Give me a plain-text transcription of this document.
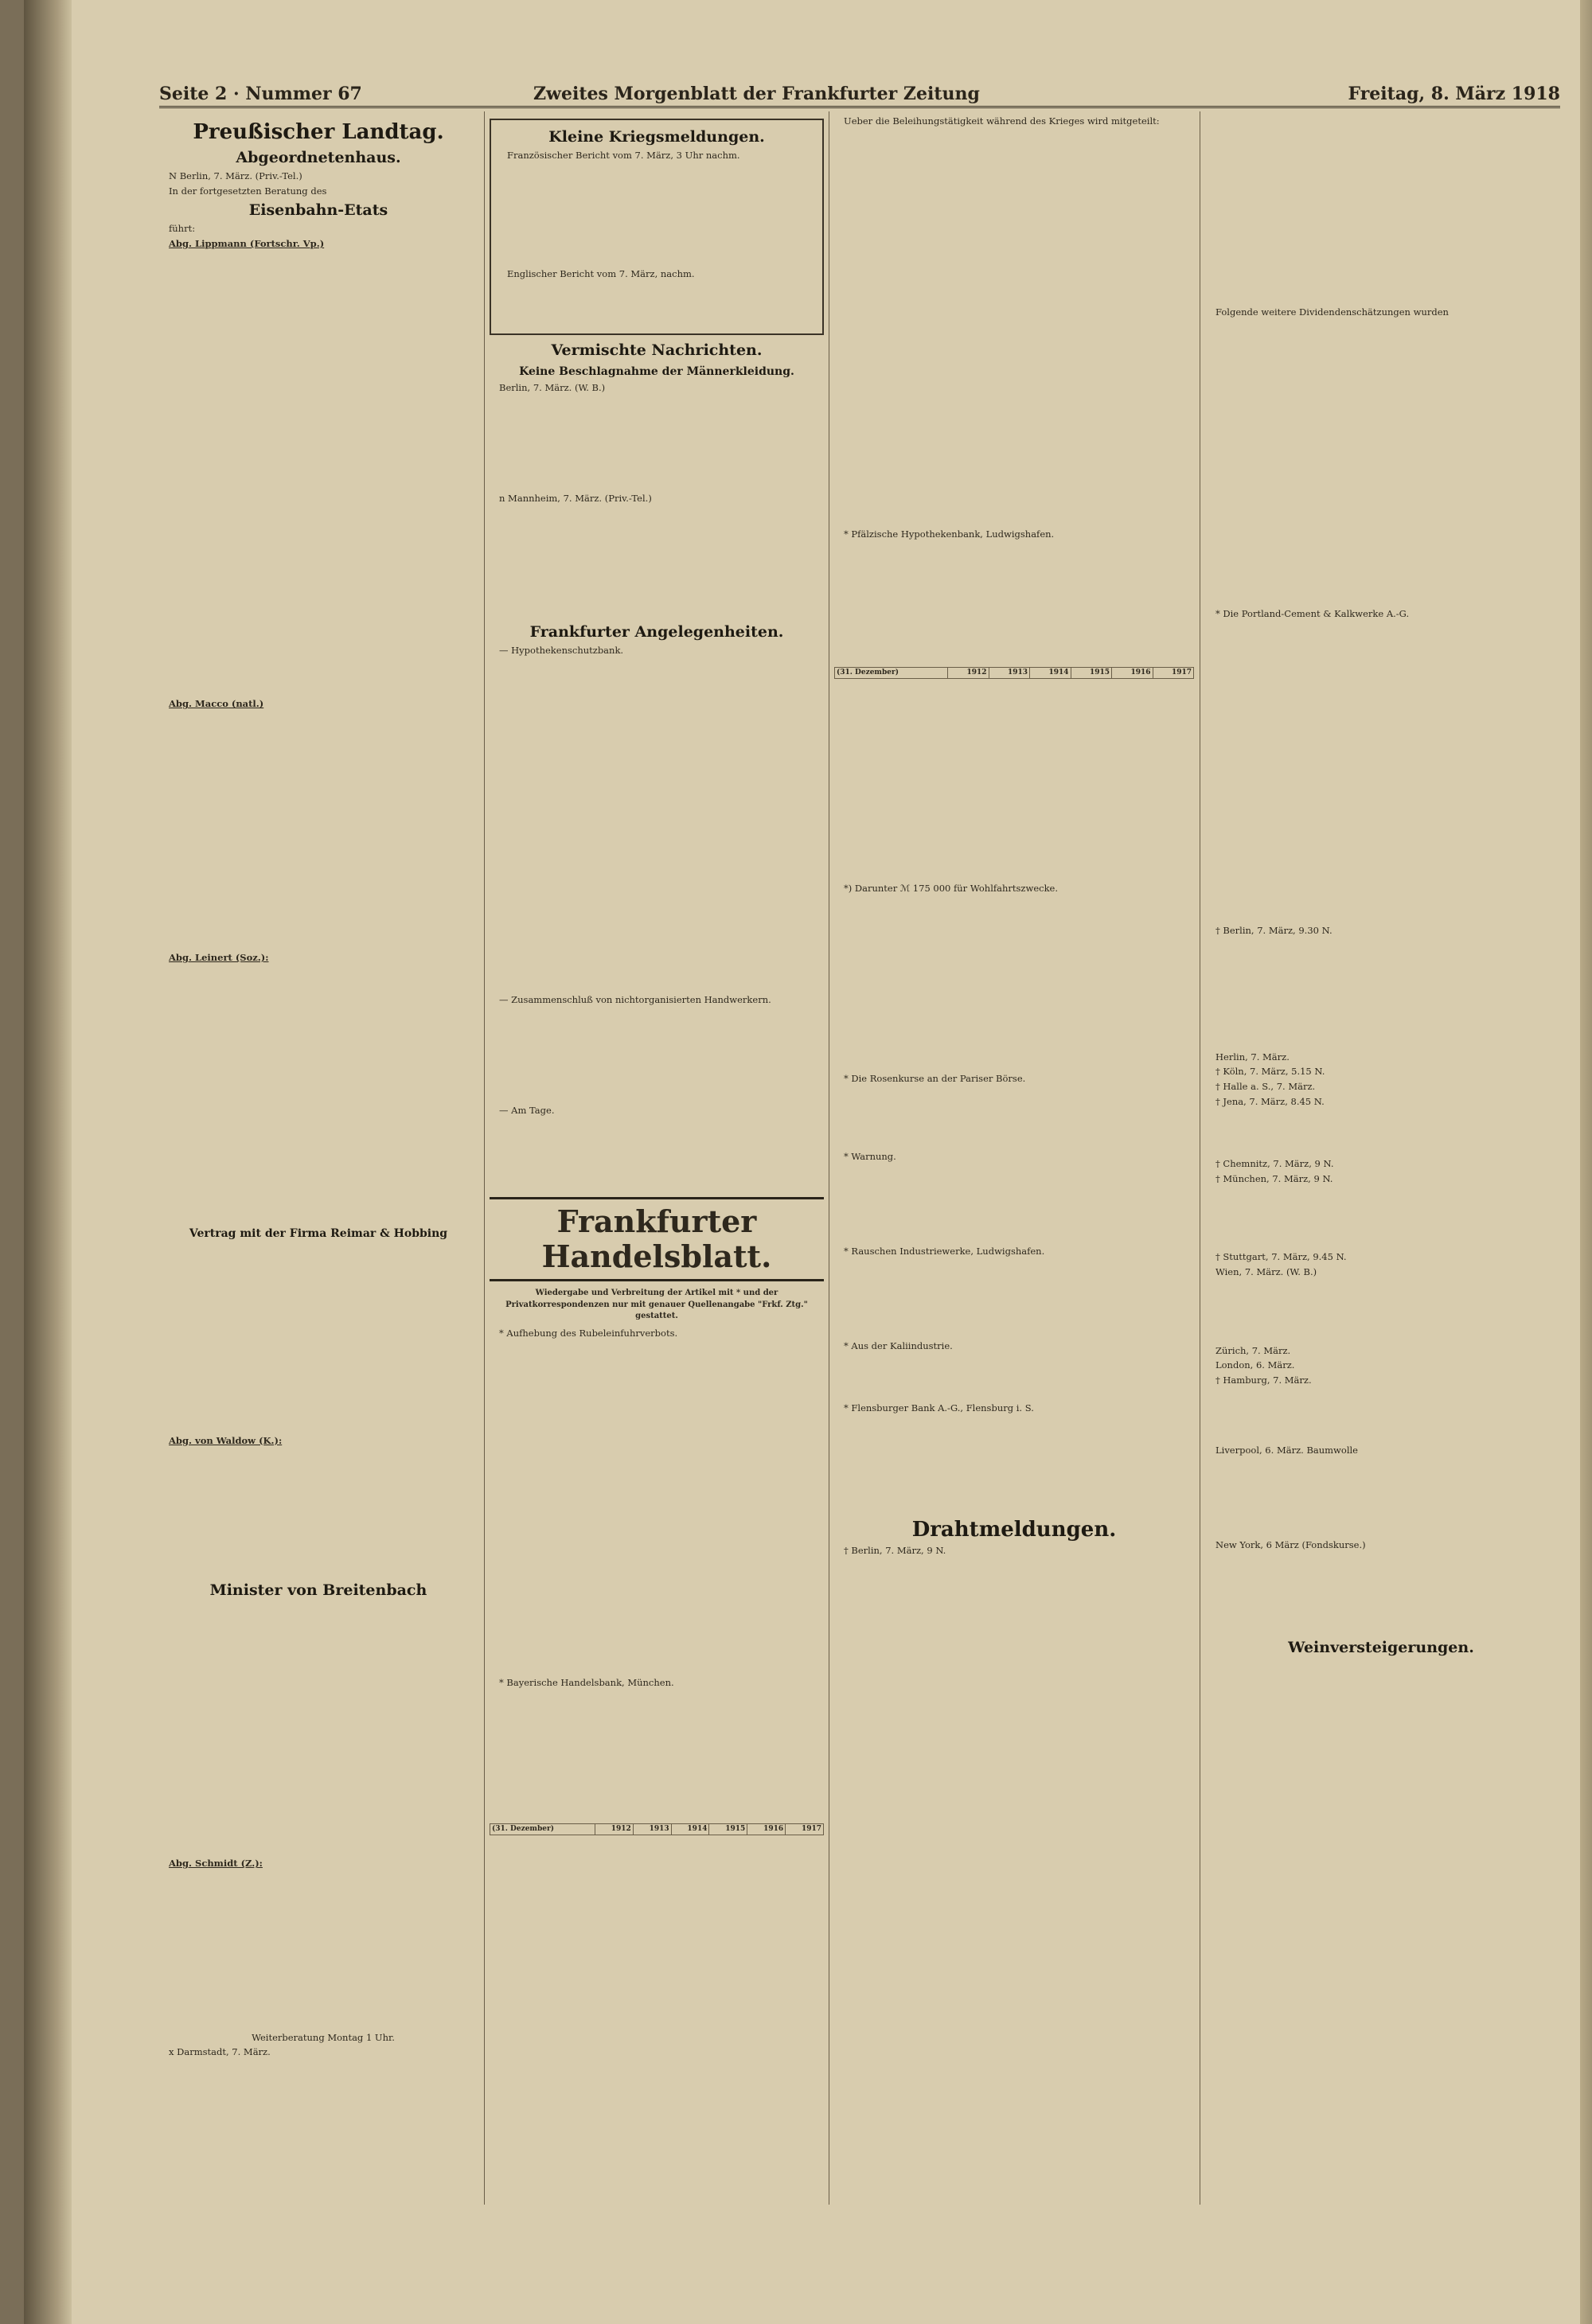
Seite 2 · Nummer 67	Zweites Morgenblatt der Frankfurter Zeitung	Freitag, 8. März 1918
Preußischer Landtag.
Abgeordnetenhaus.

N Berlin, 7. März. (Priv.-Tel.)

In der fortgesetzten Beratung des

Eisenbahn-Etats

führt:

Abg. Lippmann (Fortschr. Vp.)

Abg. Macco (natl.)

Abg. Leinert (Soz.):

Vertrag mit der Firma Reimar & Hobbing

Abg. von Waldow (K.):

Minister von Breitenbach

Abg. Schmidt (Z.):

Weiterberatung Montag 1 Uhr.

x Darmstadt, 7. März.

Kleine Kriegsmeldungen.

Französischer Bericht vom 7. März, 3 Uhr nachm.

Englischer Bericht vom 7. März, nachm.

Vermischte Nachrichten.
Keine Beschlagnahme der Männerkleidung.

Berlin, 7. März. (W. B.)

n Mannheim, 7. März. (Priv.-Tel.)

Frankfurter Angelegenheiten.

— Hypothekenschutzbank.

— Zusammenschluß von nichtorganisierten Handwerkern.

— Am Tage.

Frankfurter Handelsblatt.
Wiedergabe und Verbreitung der Artikel mit * und der Privatkorrespondenzen nur mit genauer Quellenangabe "Frkf. Ztg." gestattet.

* Aufhebung des Rubeleinfuhrverbots.

* Bayerische Handelsbank, München.

(31. Dezember)	1912	1913	1914	1915	1916	1917

Ueber die Beleihungstätigkeit während des Krieges wird mitgeteilt:

* Pfälzische Hypothekenbank, Ludwigshafen.

(31. Dezember)	1912	1913	1914	1915	1916	1917

*) Darunter ℳ 175 000 für Wohlfahrtszwecke.

* Die Rosenkurse an der Pariser Börse.

* Warnung.

* Rauschen Industriewerke, Ludwigshafen.

* Aus der Kaliindustrie.

* Flensburger Bank A.-G., Flensburg i. S.

Drahtmeldungen.

† Berlin, 7. März, 9 N.

Folgende weitere Dividendenschätzungen wurden

* Die Portland-Cement & Kalkwerke A.-G.

† Berlin, 7. März, 9.30 N.

Herlin, 7. März.

† Köln, 7. März, 5.15 N.

† Halle a. S., 7. März.

† Jena, 7. März, 8.45 N.

† Chemnitz, 7. März, 9 N.

† München, 7. März, 9 N.

† Stuttgart, 7. März, 9.45 N.

Wien, 7. März. (W. B.)

Zürich, 7. März.

London, 6. März.

† Hamburg, 7. März.

Liverpool, 6. März. Baumwolle

New York, 6 März (Fondskurse.)

Weinversteigerungen.
